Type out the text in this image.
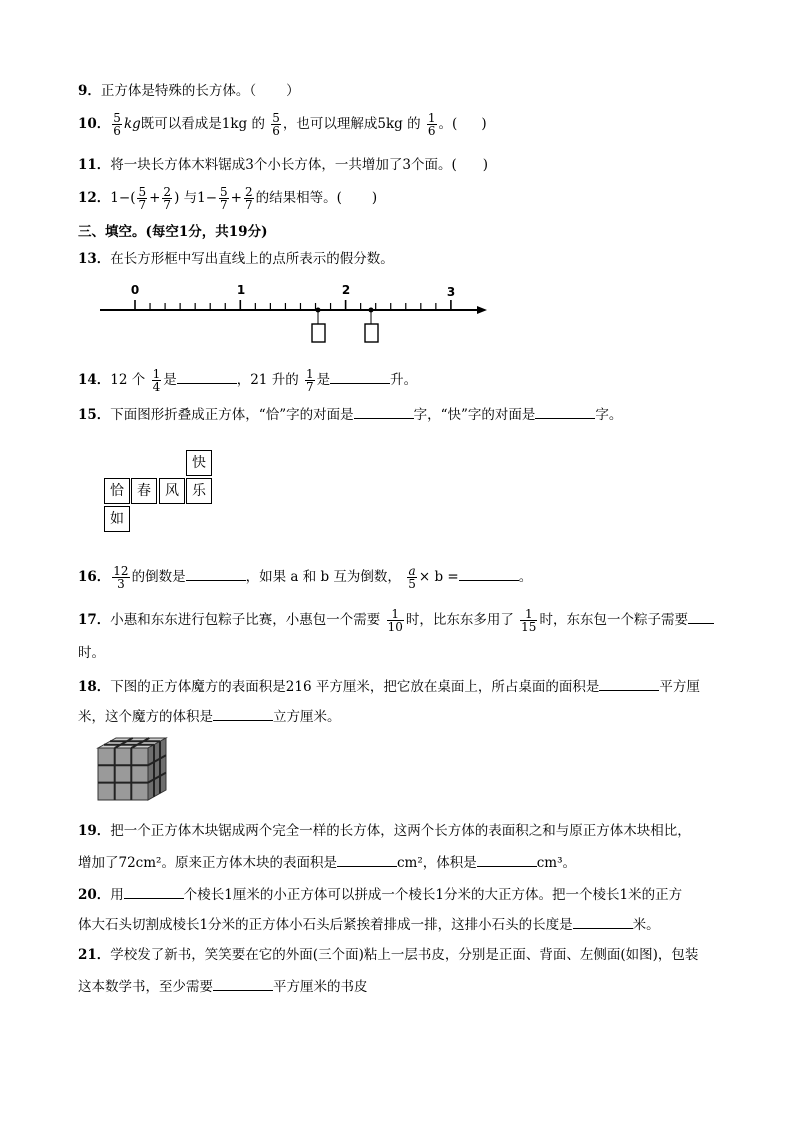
9．正方体是特殊的长方体。（ ）
10． $\frac{5}{6}$ kg既可以看成是1kg 的 $\frac{5}{6}$ ，也可以理解成5kg 的 $\frac{1}{6}$ 。( )
11．将一块长方体木料锯成3个小长方体，一共增加了3个面。( )
12．$1-( \frac{5}{7} + \frac{2}{7}$ ) 与$1- \frac{5}{7} + \frac{2}{7}$ 的结果相等。( )
三、填空。(每空1分，共19分)
13．在长方形框中写出直线上的点所表示的假分数。
0	1	2	3
14．12 个 $\frac{1}{4}$ 是	，21 升的 $\frac{1}{7}$ 是	升。
15．下面图形折叠成正方体，“恰”字的对面是	字，“快”字的对面是	字。
快
恰 春	风 乐
如
16． $\frac{12}{3}$ 的倒数是	，如果 a 和 b 互为倒数， $\frac{a}{5} \times b$ =	。
17．小惠和东东进行包粽子比赛，小惠包一个需要 $\frac{1}{10}$ 时，比东东多用了 $\frac{1}{15}$ 时，东东包一个粽子需要
时。
18．下图的正方体魔方的表面积是216 平方厘米，把它放在桌面上，所占桌面的面积是	平方厘
米，这个魔方的体积是	立方厘米。
19．把一个正方体木块锯成两个完全一样的长方体，这两个长方体的表面积之和与原正方体木块相比，
增加了72cm²。原来正方体木块的表面积是	cm²，体积是	cm³。
20．用	个棱长1厘米的小正方体可以拼成一个棱长1分米的大正方体。把一个棱长1米的正方
体大石头切割成棱长1分米的正方体小石头后紧挨着排成一排，这排小石头的长度是	米。
21．学校发了新书，笑笑要在它的外面(三个面)粘上一层书皮，分别是正面、背面、左侧面(如图)，包装
这本数学书，至少需要	平方厘米的书皮
